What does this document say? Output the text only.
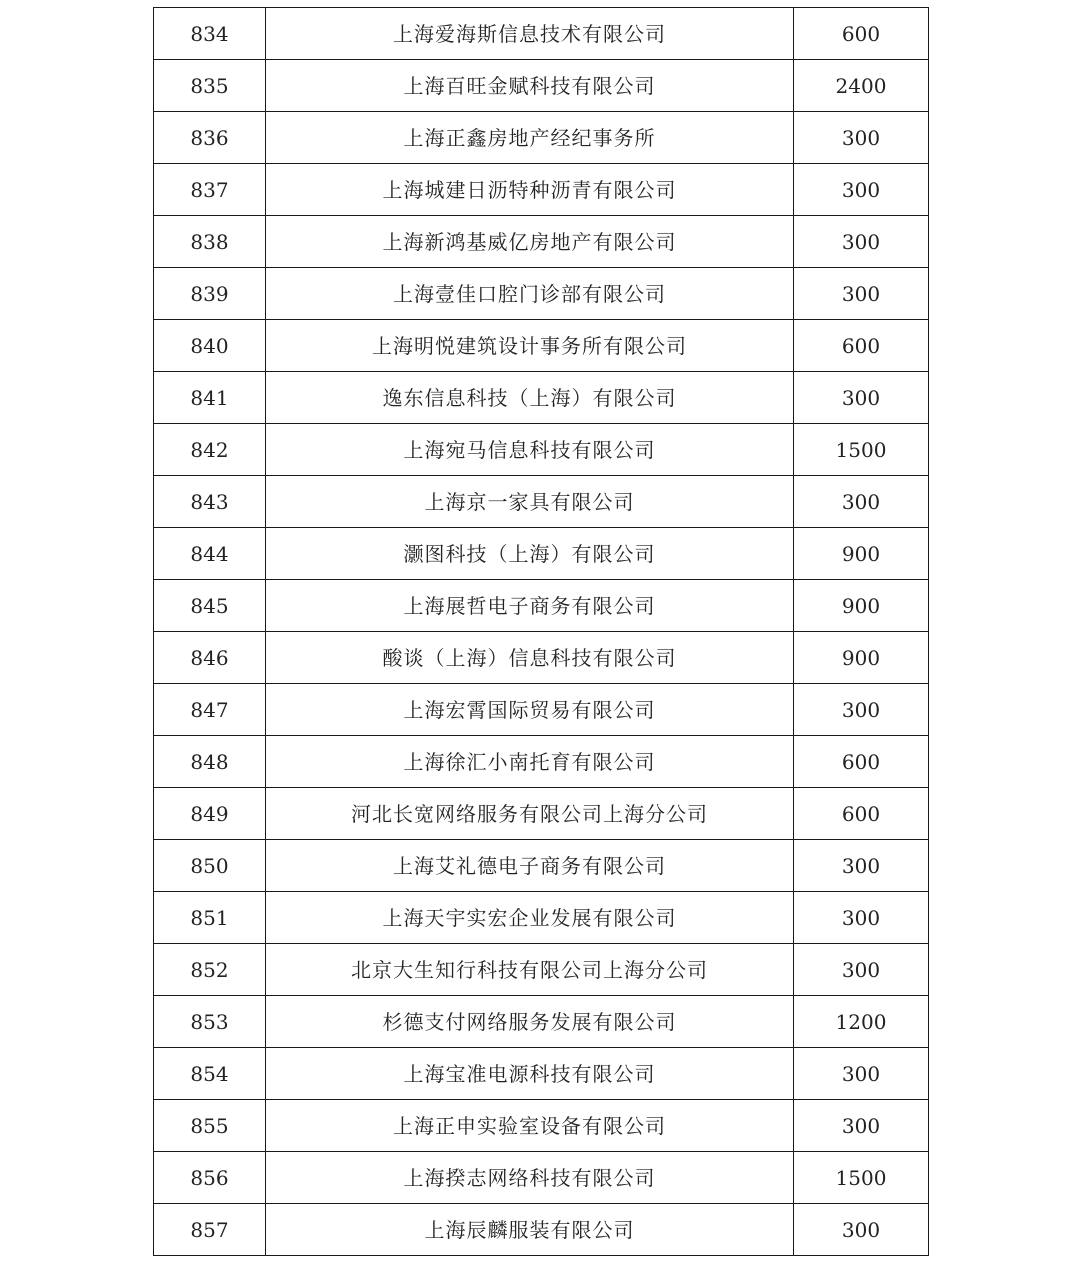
834	上海爱海斯信息技术有限公司	600
835	上海百旺金赋科技有限公司	2400
836	上海正鑫房地产经纪事务所	300
837	上海城建日沥特种沥青有限公司	300
838	上海新鸿基威亿房地产有限公司	300
839	上海壹佳口腔门诊部有限公司	300
840	上海明悦建筑设计事务所有限公司	600
841	逸东信息科技（上海）有限公司	300
842	上海宛马信息科技有限公司	1500
843	上海京一家具有限公司	300
844	灏图科技（上海）有限公司	900
845	上海展哲电子商务有限公司	900
846	酸谈（上海）信息科技有限公司	900
847	上海宏霄国际贸易有限公司	300
848	上海徐汇小南托育有限公司	600
849	河北长宽网络服务有限公司上海分公司	600
850	上海艾礼德电子商务有限公司	300
851	上海天宇实宏企业发展有限公司	300
852	北京大生知行科技有限公司上海分公司	300
853	杉德支付网络服务发展有限公司	1200
854	上海宝准电源科技有限公司	300
855	上海正申实验室设备有限公司	300
856	上海揆志网络科技有限公司	1500
857	上海辰麟服装有限公司	300
